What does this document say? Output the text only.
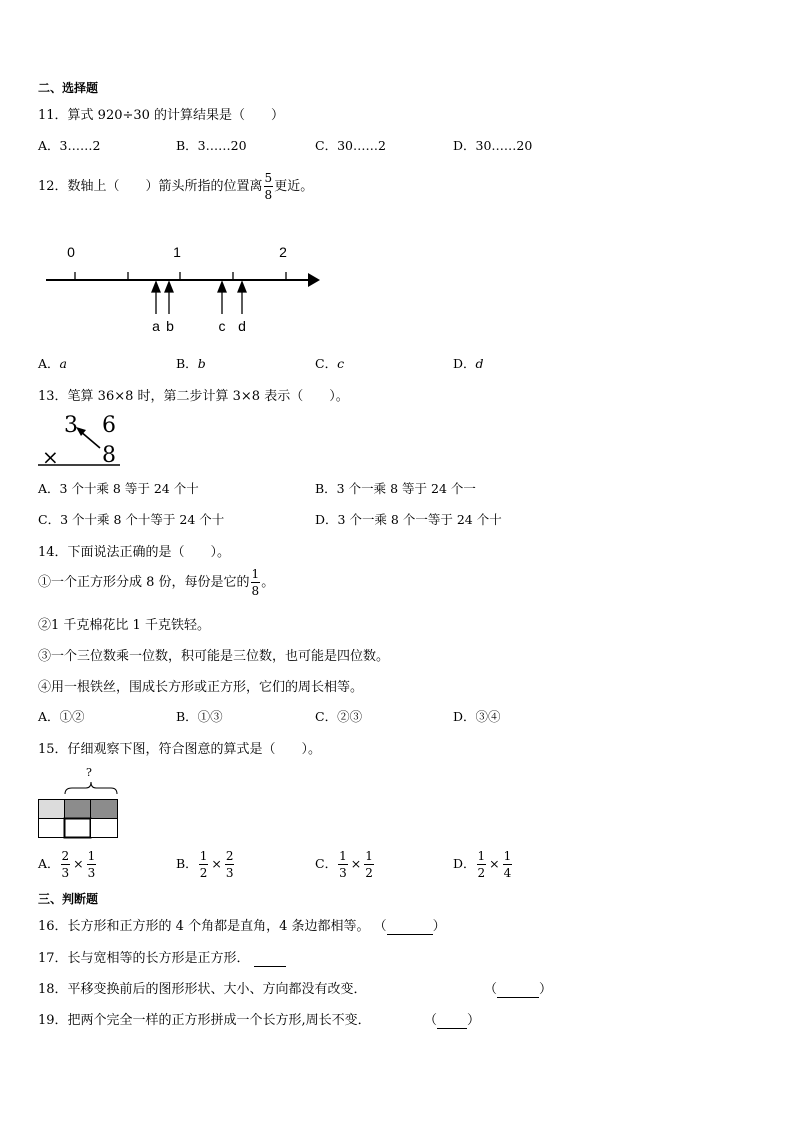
二、选择题
11．算式 920÷30 的计算结果是（　　）
A．3……2	B．3……20	C．30……2	D．30……20
12．数轴上（　　）箭头所指的位置离 $\frac{5}{8}$ 更近。
0	1	2
a b	c d
A．a	B．b	C．c	D．d
13．笔算 36×8 时，第二步计算 3×8 表示（　　）。
3 6
8
×
A．3 个十乘 8 等于 24 个十	B．3 个一乘 8 等于 24 个一
C．3 个十乘 8 个十等于 24 个十	D．3 个一乘 8 个一等于 24 个十
14．下面说法正确的是（　　）。
①一个正方形分成 8 份，每份是它的 $\frac{1}{8}$ 。
②1 千克棉花比 1 千克铁轻。
③一个三位数乘一位数，积可能是三位数，也可能是四位数。
④用一根铁丝，围成长方形或正方形，它们的周长相等。
A．①②	B．①③	C．②③	D．③④
15．仔细观察下图，符合图意的算式是（　　）。
?
A． $\frac{2}{3} \times \frac{1}{3}$	B． $\frac{1}{2} \times \frac{2}{3}$	C． $\frac{1}{3} \times \frac{1}{2}$	D． $\frac{1}{2} \times \frac{1}{4}$
三、判断题
16．长方形和正方形的 4 个角都是直角，4 条边都相等。 （	）
17．长与宽相等的长方形是正方形．
18．平移变换前后的图形形状、大小、方向都没有改变．	（	）
19．把两个完全一样的正方形拼成一个长方形,周长不变．	（ ）
